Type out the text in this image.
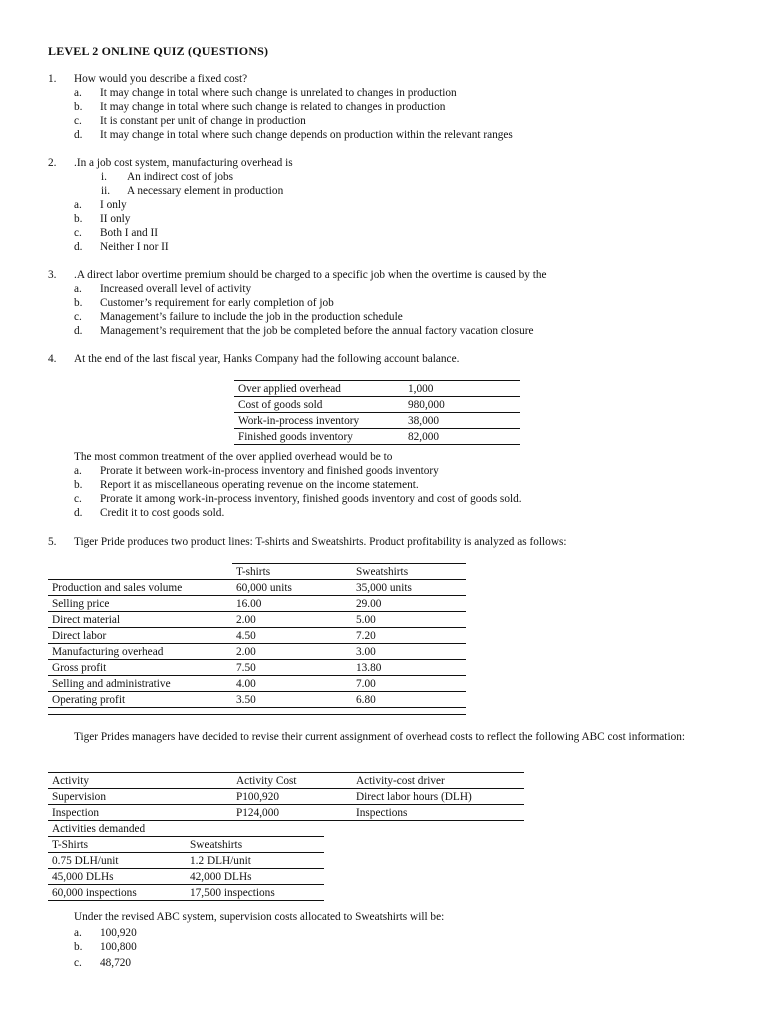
LEVEL 2 ONLINE QUIZ (QUESTIONS)
1.	How would you describe a fixed cost?
a.	It may change in total where such change is unrelated to changes in production
b.	It may change in total where such change is related to changes in production
c.	It is constant per unit of change in production
d.	It may change in total where such change depends on production within the relevant ranges
2.	.In a job cost system, manufacturing overhead is
i.	An indirect cost of jobs
ii.	A necessary element in production
a.	I only
b.	II only
c.	Both I and II
d.	Neither I nor II
3.	.A direct labor overtime premium should be charged to a specific job when the overtime is caused by the
a.	Increased overall level of activity
b.	Customer’s requirement for early completion of job
c.	Management’s failure to include the job in the production schedule
d.	Management’s requirement that the job be completed before the annual factory vacation closure
4.	At the end of the last fiscal year, Hanks Company had the following account balance.
Over applied overhead	1,000
Cost of goods sold	980,000
Work-in-process inventory	38,000
Finished goods inventory	82,000
The most common treatment of the over applied overhead would be to
a.	Prorate it between work-in-process inventory and finished goods inventory
b.	Report it as miscellaneous operating revenue on the income statement.
c.	Prorate it among work-in-process inventory, finished goods inventory and cost of goods sold.
d.	Credit it to cost goods sold.
5.	Tiger Pride produces two product lines: T-shirts and Sweatshirts. Product profitability is analyzed as follows:
	T-shirts	Sweatshirts
Production and sales volume	60,000 units	35,000 units
Selling price	16.00	29.00
Direct material	2.00	5.00
Direct labor	4.50	7.20
Manufacturing overhead	2.00	3.00
Gross profit	7.50	13.80
Selling and administrative	4.00	7.00
Operating profit	3.50	6.80
Tiger Prides managers have decided to revise their current assignment of overhead costs to reflect the following ABC cost information:
Activity	Activity Cost	Activity-cost driver
Supervision	P100,920	Direct labor hours (DLH)
Inspection	P124,000	Inspections
Activities demanded	
T-Shirts	Sweatshirts
0.75 DLH/unit	1.2 DLH/unit
45,000 DLHs	42,000 DLHs
60,000 inspections	17,500 inspections
Under the revised ABC system, supervision costs allocated to Sweatshirts will be:
a.	100,920
b.	100,800
c.	48,720
